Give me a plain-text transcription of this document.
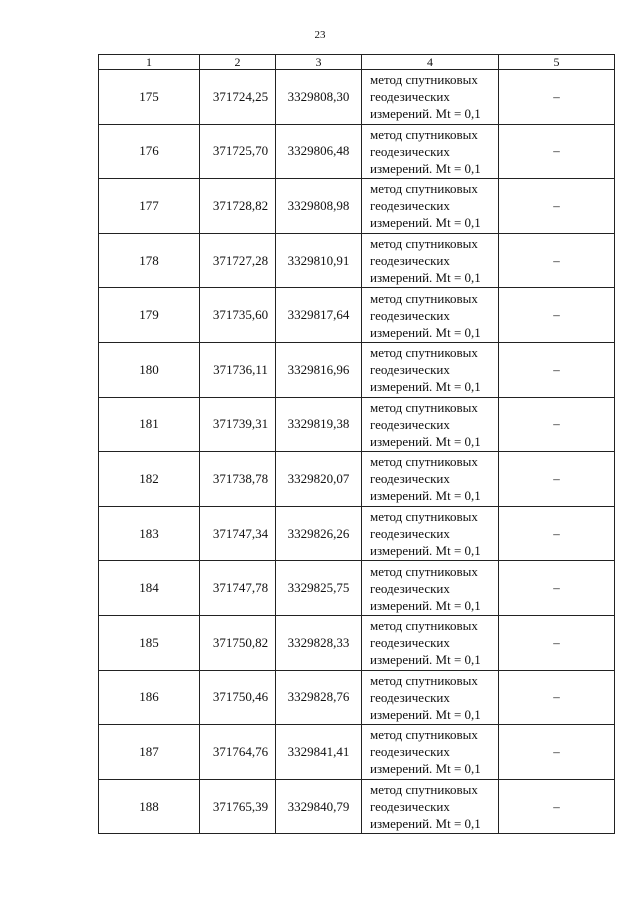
23
1	2	3	4	5
175	371724,25	3329808,30	метод спутниковых
геодезических
измерений. Mt = 0,1	–
176	371725,70	3329806,48	метод спутниковых
геодезических
измерений. Mt = 0,1	–
177	371728,82	3329808,98	метод спутниковых
геодезических
измерений. Mt = 0,1	–
178	371727,28	3329810,91	метод спутниковых
геодезических
измерений. Mt = 0,1	–
179	371735,60	3329817,64	метод спутниковых
геодезических
измерений. Mt = 0,1	–
180	371736,11	3329816,96	метод спутниковых
геодезических
измерений. Mt = 0,1	–
181	371739,31	3329819,38	метод спутниковых
геодезических
измерений. Mt = 0,1	–
182	371738,78	3329820,07	метод спутниковых
геодезических
измерений. Mt = 0,1	–
183	371747,34	3329826,26	метод спутниковых
геодезических
измерений. Mt = 0,1	–
184	371747,78	3329825,75	метод спутниковых
геодезических
измерений. Mt = 0,1	–
185	371750,82	3329828,33	метод спутниковых
геодезических
измерений. Mt = 0,1	–
186	371750,46	3329828,76	метод спутниковых
геодезических
измерений. Mt = 0,1	–
187	371764,76	3329841,41	метод спутниковых
геодезических
измерений. Mt = 0,1	–
188	371765,39	3329840,79	метод спутниковых
геодезических
измерений. Mt = 0,1	–
